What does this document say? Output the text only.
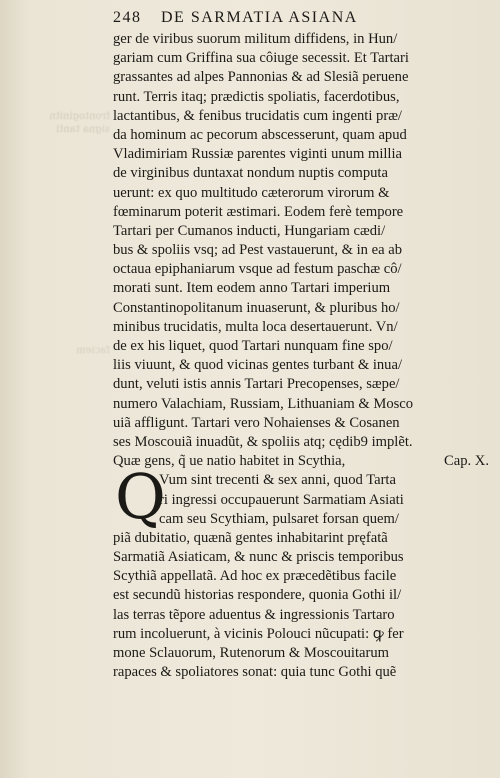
frontoginitn signa tanti
faciem
248 DE SARMATIA ASIANA
ger de viribus suorum militum diffidens, in Hun/
gariam cum Griffina sua côiuge secessit. Et Tartari
grassantes ad alpes Pannonias & ad Slesiã peruene
runt. Terris itaq; prædictis spoliatis, facerdotibus,
lactantibus, & fenibus trucidatis cum ingenti præ/
da hominum ac pecorum abscesserunt, quam apud
Vladimiriam Russiæ parentes viginti unum millia
de virginibus duntaxat nondum nuptis computa
uerunt: ex quo multitudo cæterorum virorum &
fœminarum poterit æstimari. Eodem ferè tempore
Tartari per Cumanos inducti, Hungariam cædi/
bus & spoliis vsq; ad Pest vastauerunt, & in ea ab
octaua epiphaniarum vsque ad festum paschæ cô/
morati sunt. Item eodem anno Tartari imperium
Constantinopolitanum inuaserunt, & pluribus ho/
minibus trucidatis, multa loca desertauerunt. Vn/
de ex his liquet, quod Tartari nunquam fine spo/
liis viuunt, & quod vicinas gentes turbant & inua/
dunt, veluti istis annis Tartari Precopenses, sæpe/
numero Valachiam, Russiam, Lithuaniam & Mosco
uiã affligunt. Tartari vero Nohaienses & Cosanen
ses Moscouiã inuadũt, & spoliis atq; cędib9 implẽt.
Quæ gens, q̃ ue natio habitet in Scythia,	Cap. X.
Q
Vum sint trecenti & sex anni, quod Tarta
ri ingressi occupauerunt Sarmatiam Asiati
cam seu Scythiam, pulsaret forsan quem/
piã dubitatio, quænã gentes inhabitarint pręfatã
Sarmatiã Asiaticam, & nunc & priscis temporibus
Scythiã appellatã. Ad hoc ex præcedẽtibus facile
est secundũ historias respondere, quonia Gothi il/
las terras tẽpore aduentus & ingressionis Tartaro
rum incoluerunt, à vicinis Polouci nũcupati: ꝙ fer
mone Sclauorum, Rutenorum & Moscouitarum
rapaces & spoliatores sonat: quia tunc Gothi quẽ
